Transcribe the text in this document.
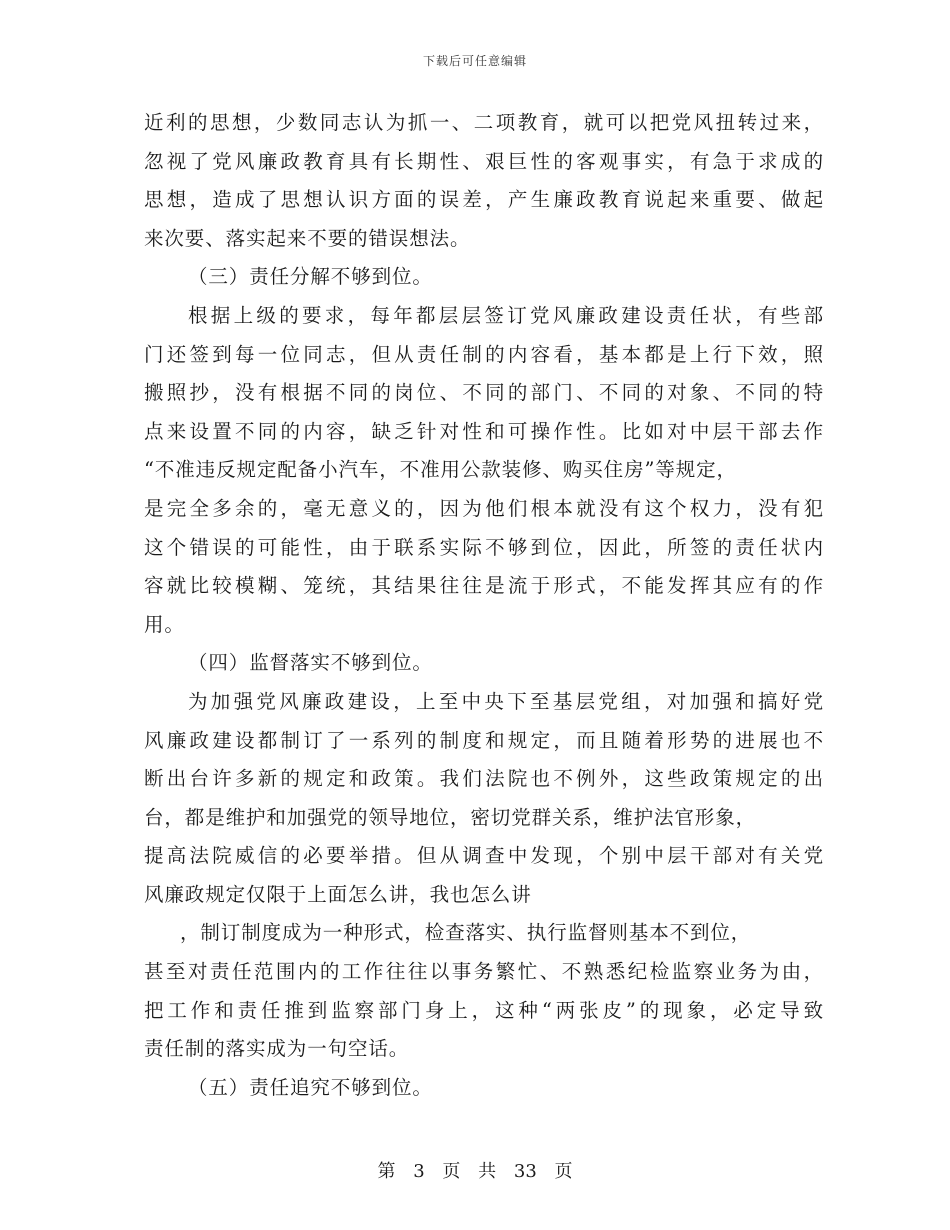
下载后可任意编辑
近利的思想，少数同志认为抓一、二项教育，就可以把党风扭转过来，
忽视了党风廉政教育具有长期性、艰巨性的客观事实，有急于求成的
思想，造成了思想认识方面的误差，产生廉政教育说起来重要、做起
来次要、落实起来不要的错误想法。
（三）责任分解不够到位。
根据上级的要求，每年都层层签订党风廉政建设责任状，有些部
门还签到每一位同志，但从责任制的内容看，基本都是上行下效，照
搬照抄，没有根据不同的岗位、不同的部门、不同的对象、不同的特
点来设置不同的内容，缺乏针对性和可操作性。比如对中层干部去作
“不准违反规定配备小汽车，不准用公款装修、购买住房”等规定，
是完全多余的，毫无意义的，因为他们根本就没有这个权力，没有犯
这个错误的可能性，由于联系实际不够到位，因此，所签的责任状内
容就比较模糊、笼统，其结果往往是流于形式，不能发挥其应有的作
用。
（四）监督落实不够到位。
为加强党风廉政建设，上至中央下至基层党组，对加强和搞好党
风廉政建设都制订了一系列的制度和规定，而且随着形势的进展也不
断出台许多新的规定和政策。我们法院也不例外，这些政策规定的出
台，都是维护和加强党的领导地位，密切党群关系，维护法官形象，
提高法院威信的必要举措。但从调查中发现，个别中层干部对有关党
风廉政规定仅限于上面怎么讲，我也怎么讲
，制订制度成为一种形式，检查落实、执行监督则基本不到位，
甚至对责任范围内的工作往往以事务繁忙、不熟悉纪检监察业务为由，
把工作和责任推到监察部门身上，这种“两张皮”的现象，必定导致
责任制的落实成为一句空话。
（五）责任追究不够到位。
第 3 页 共 33 页
